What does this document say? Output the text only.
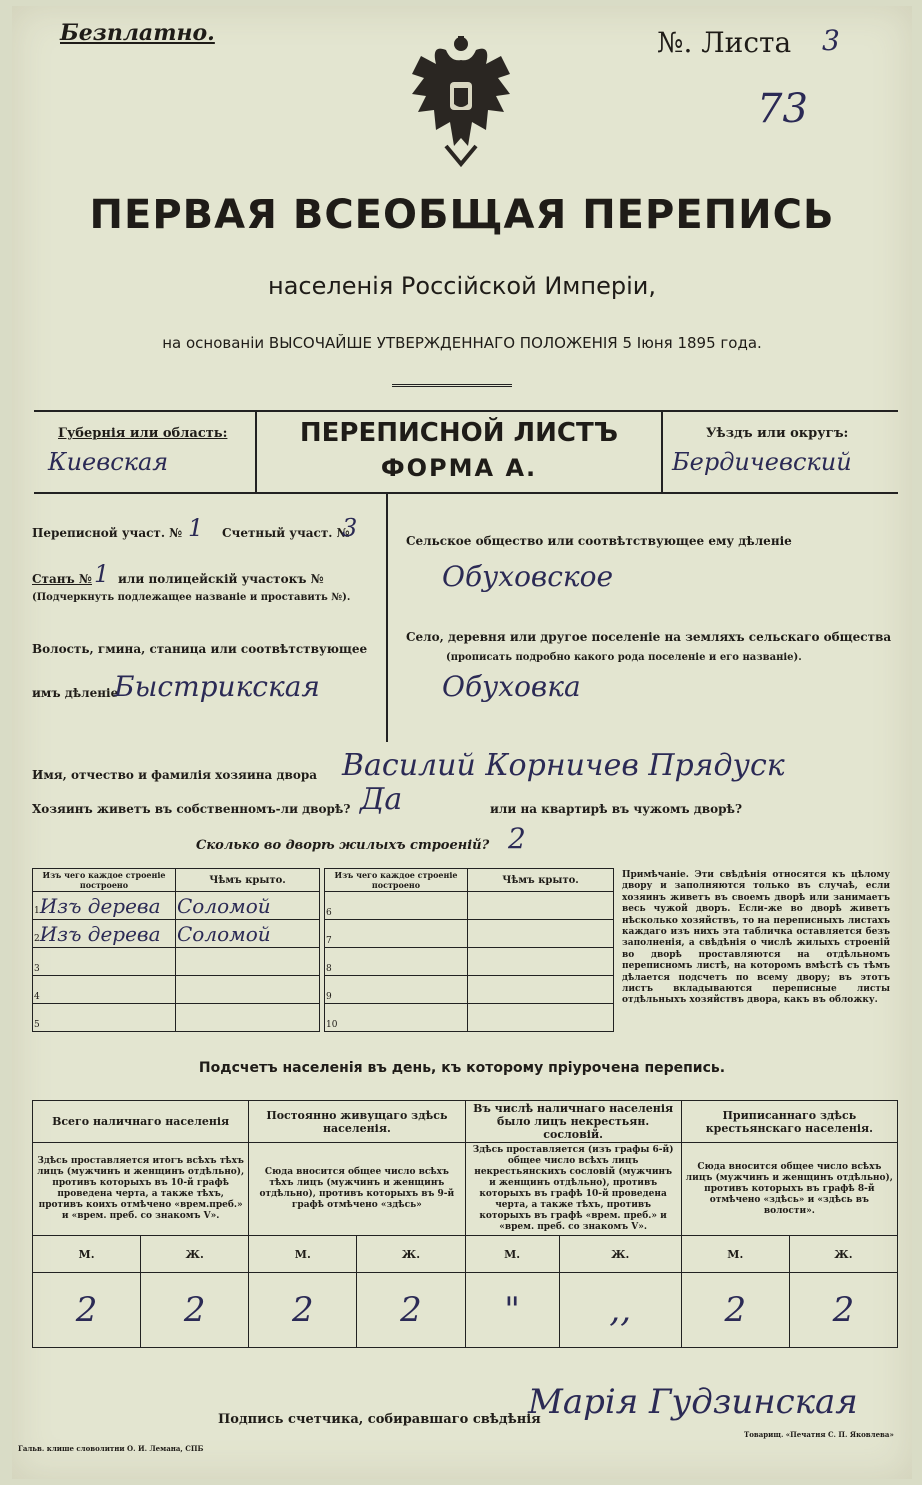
Безплатно.	№. Листа 3
73
ПЕРВАЯ ВСЕОБЩАЯ ПЕРЕПИСЬ
населенія Россійской Имперіи,
на основаніи ВЫСОЧАЙШЕ УТВЕРЖДЕННАГО ПОЛОЖЕНІЯ 5 Іюня 1895 года.
Губернія или область:
Киевская
ПЕРЕПИСНОЙ ЛИСТЪ
ФОРМА А.
Уѣздъ или округъ:
Бердичевский
Переписной участ. № 1 Счетный участ. №
3
Станъ № 1 или полицейскій участокъ №
(Подчеркнуть подлежащее названіе и проставить №).
Волость, гмина, станица или соотвѣтствующее
имъ дѣленіе
Быстрикская
Сельское общество или соотвѣтствующее ему дѣленіе
Обуховское
Село, деревня или другое поселеніе на земляхъ сельскаго общества
(прописать подробно какого рода поселеніе и его названіе).
Обуховка
Имя, отчество и фамилія хозяина двора Василий Корничев Прядуск
Хозяинъ живетъ въ собственномъ-ли дворѣ? Да	или на квартирѣ въ чужомъ дворѣ?
Сколько во дворѣ жилыхъ строеній? 2
Изъ чего каждое строеніе построено	Чѣмъ крыто.
1Изъ дерева	Соломой
2Изъ дерева	Соломой
3	
4	
5	
Изъ чего каждое строеніе построено	Чѣмъ крыто.
6	
7	
8	
9	
10	
Примѣчаніе. Эти свѣдѣнія относятся къ цѣлому двору и заполняются только въ случаѣ, если хозяинъ живетъ въ своемъ дворѣ или занимаетъ весь чужой дворъ. Если-же во дворѣ живетъ нѣсколько хозяйствъ, то на переписныхъ листахъ каждаго изъ нихъ эта табличка оставляется безъ заполненія, а свѣдѣнія о числѣ жилыхъ строеній во дворѣ проставляются на отдѣльномъ переписномъ листѣ, на которомъ вмѣстѣ съ тѣмъ дѣлается подсчетъ по всему двору; въ этотъ листъ вкладываются переписные листы отдѣльныхъ хозяйствъ двора, какъ въ обложку.
Подсчетъ населенія въ день, къ которому пріурочена перепись.
Всего наличнаго населенія		Постоянно живущаго здѣсь населенія.		Въ числѣ наличнаго населенія было лицъ некрестьян. сословій.		Приписаннаго здѣсь крестьянскаго населенія.	
Здѣсь проставляется итогъ всѣхъ тѣхъ лицъ (мужчинъ и женщинъ отдѣльно), противъ которыхъ въ 10-й графѣ проведена черта, а также тѣхъ, противъ коихъ отмѣчено «врем.преб.» и «врем. преб. со знакомъ V».		Сюда вносится общее число всѣхъ тѣхъ лицъ (мужчинъ и женщинъ отдѣльно), противъ которыхъ въ 9-й графѣ отмѣчено «здѣсь»		Здѣсь проставляется (изъ графы 6-й) общее число всѣхъ лицъ некрестьянскихъ сословій (мужчинъ и женщинъ отдѣльно), противъ которыхъ въ графѣ 10-й проведена черта, а также тѣхъ, противъ которыхъ въ графѣ «врем. преб.» и «врем. преб. со знакомъ V».		Сюда вносится общее число всѣхъ лицъ (мужчинъ и женщинъ отдѣльно), противъ которыхъ въ графѣ 8-й отмѣчено «здѣсь» и «здѣсь въ волости».	
М.	Ж.	М.	Ж.	М.	Ж.	М.	Ж.
2	2	2	2	"	,,	2	2
Подпись счетчика, собиравшаго свѣдѣнія
Марія Гудзинская
Гальв. клише словолитни О. И. Лемана, СПБ
Товарищ. «Печатня С. П. Яковлева»
